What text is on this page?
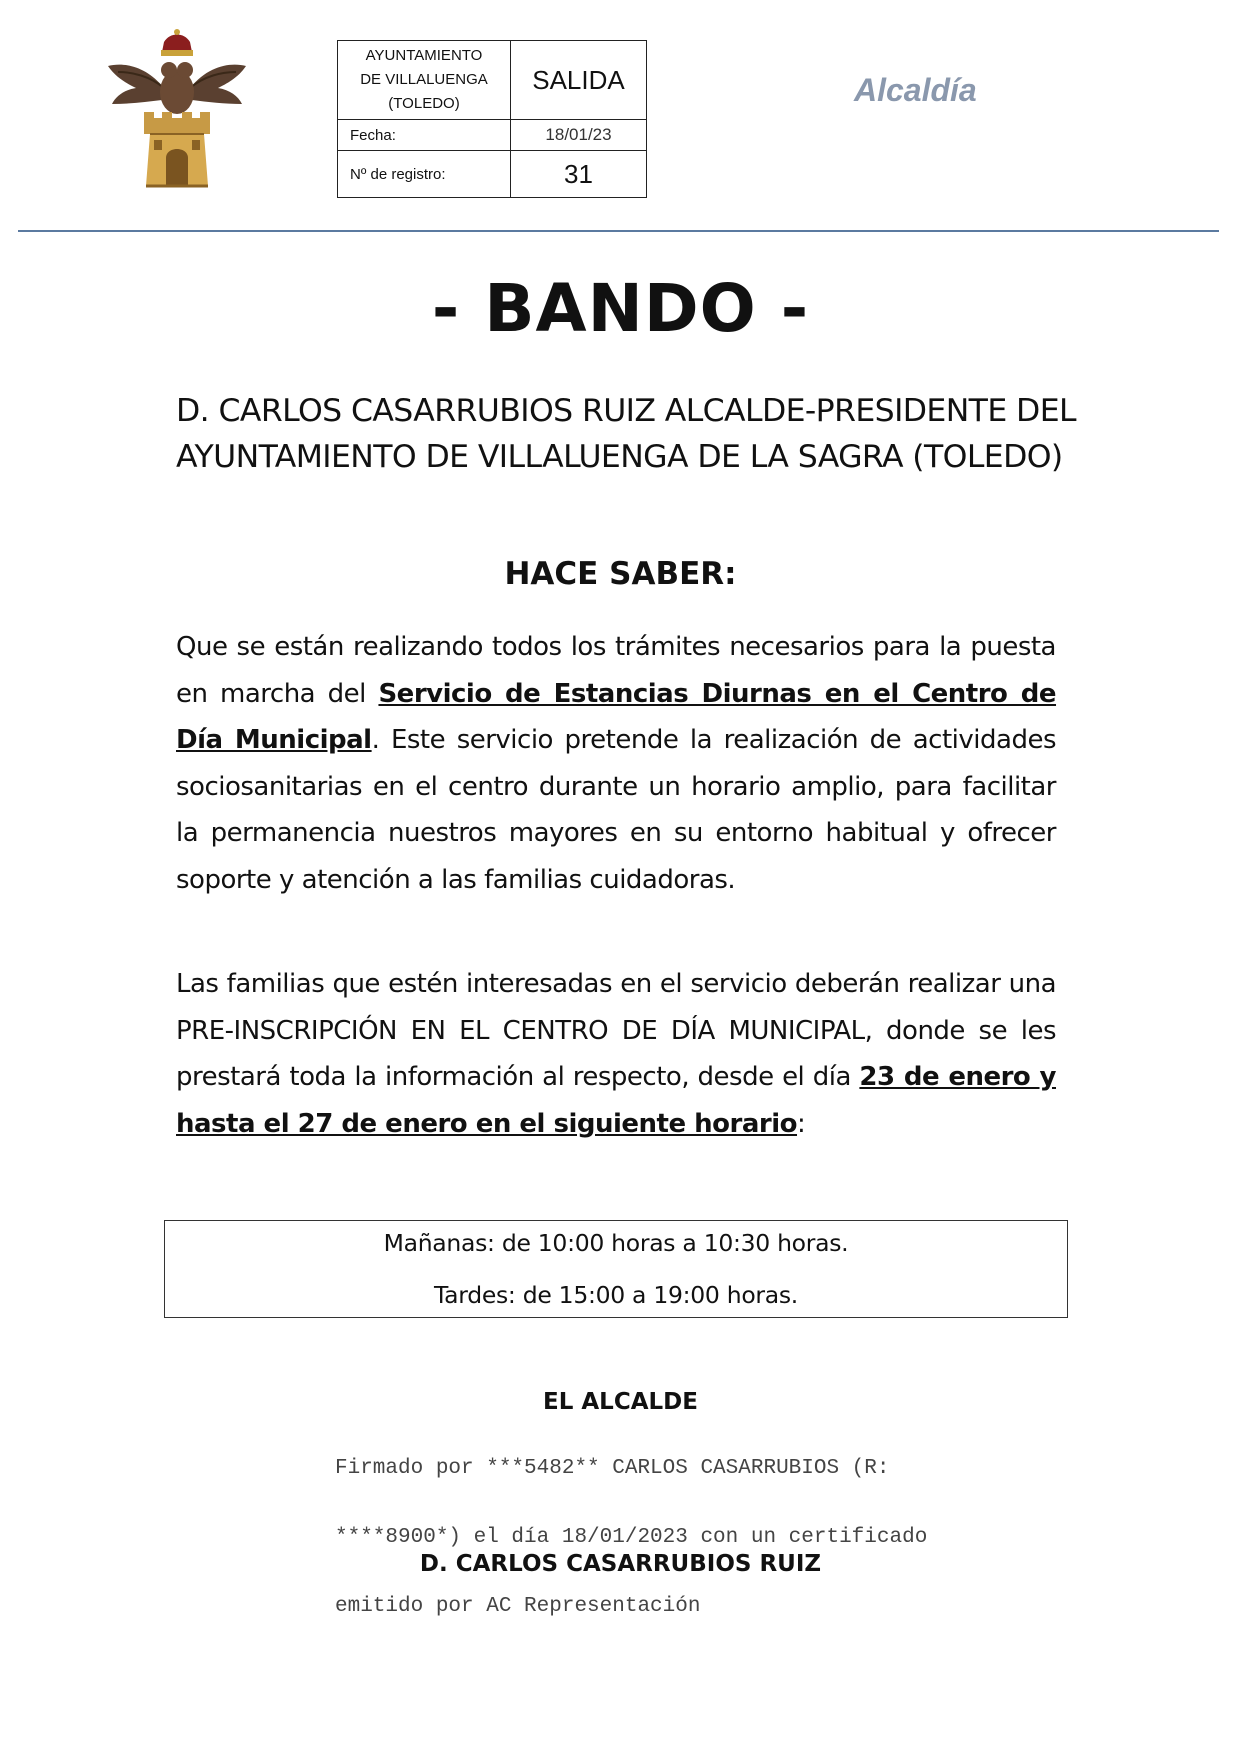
AYUNTAMIENTO
DE VILLALUENGA
(TOLEDO)	SALIDA
Fecha:	18/01/23
Nº de registro:	31
Alcaldía
- BANDO -
D. CARLOS CASARRUBIOS RUIZ ALCALDE-PRESIDENTE DEL
AYUNTAMIENTO DE VILLALUENGA DE LA SAGRA (TOLEDO)
HACE SABER:
Que se están realizando todos los trámites necesarios para la puesta en marcha del Servicio de Estancias Diurnas en el Centro de Día Municipal. Este servicio pretende la realización de actividades sociosanitarias en el centro durante un horario amplio, para facilitar la permanencia nuestros mayores en su entorno habitual y ofrecer soporte y atención a las familias cuidadoras.
Las familias que estén interesadas en el servicio deberán realizar una PRE-INSCRIPCIÓN EN EL CENTRO DE DÍA MUNICIPAL, donde se les prestará toda la información al respecto, desde el día 23 de enero y hasta el 27 de enero en el siguiente horario:
Mañanas: de 10:00 horas a 10:30 horas.
Tardes: de 15:00 a 19:00 horas.
EL ALCALDE

Firmado por ***5482** CARLOS CASARRUBIOS (R:

****8900*) el día 18/01/2023 con un certificado

emitido por AC Representación

D. CARLOS CASARRUBIOS RUIZ
